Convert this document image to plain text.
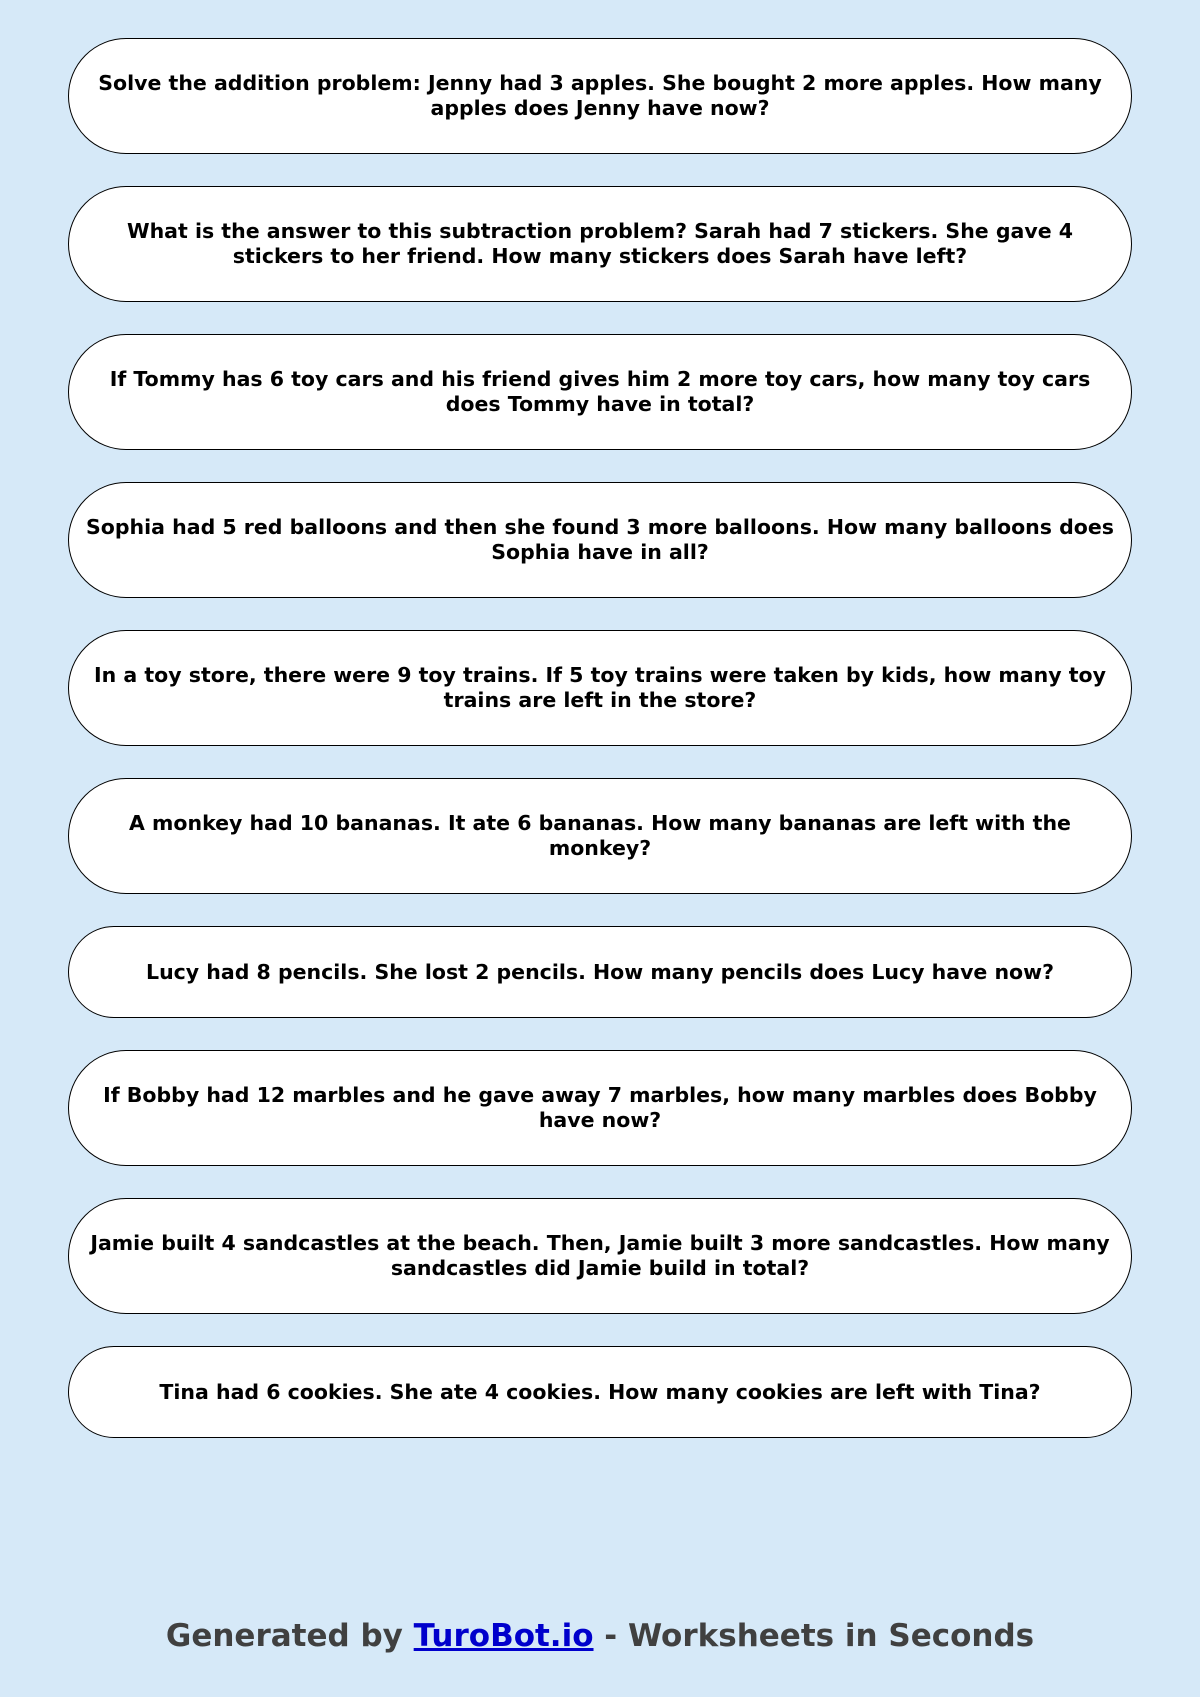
Solve the addition problem: Jenny had 3 apples. She bought 2 more apples. How many apples does Jenny have now?
What is the answer to this subtraction problem? Sarah had 7 stickers. She gave 4 stickers to her friend. How many stickers does Sarah have left?
If Tommy has 6 toy cars and his friend gives him 2 more toy cars, how many toy cars does Tommy have in total?
Sophia had 5 red balloons and then she found 3 more balloons. How many balloons does Sophia have in all?
In a toy store, there were 9 toy trains. If 5 toy trains were taken by kids, how many toy trains are left in the store?
A monkey had 10 bananas. It ate 6 bananas. How many bananas are left with the monkey?
Lucy had 8 pencils. She lost 2 pencils. How many pencils does Lucy have now?
If Bobby had 12 marbles and he gave away 7 marbles, how many marbles does Bobby have now?
Jamie built 4 sandcastles at the beach. Then, Jamie built 3 more sandcastles. How many sandcastles did Jamie build in total?
Tina had 6 cookies. She ate 4 cookies. How many cookies are left with Tina?
Generated by TuroBot.io - Worksheets in Seconds
